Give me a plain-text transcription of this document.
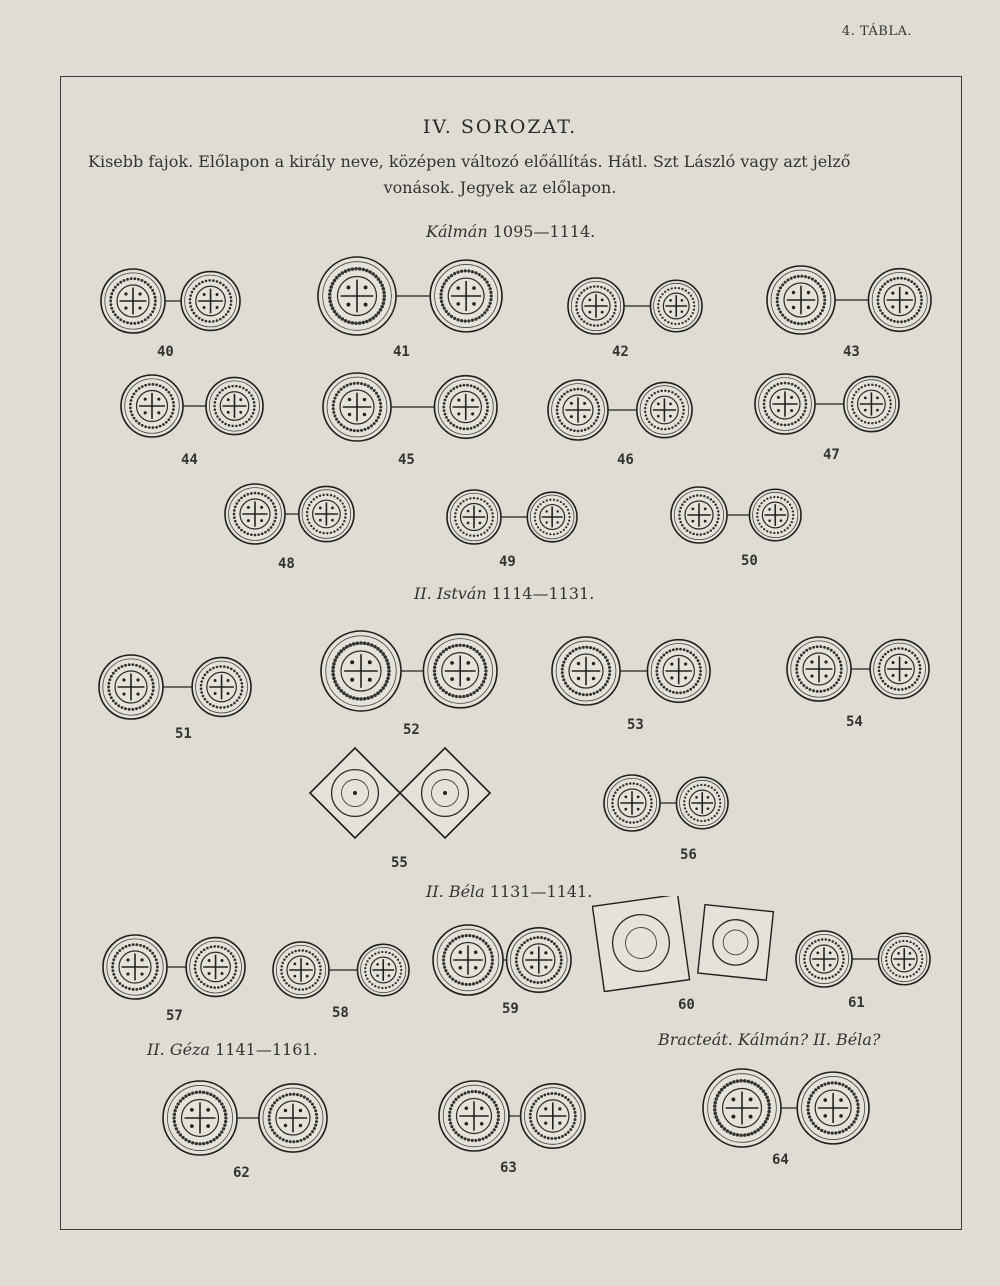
4. TÁBLA.
IV. SOROZAT.
Kisebb fajok. Előlapon a király neve, középen változó előállítás. Hátl. Szt László vagy azt jelző
vonások. Jegyek az előlapon.
Kálmán 1095—1114.
II. István 1114—1131.
II. Béla 1131—1141.
II. Géza 1141—1161.
Bracteát. Kálmán? II. Béla?
40	41	42	43
44	45	46	47
48	49	50
51	52	53	54
55	56
57	58	59	60	61
62	63	64
